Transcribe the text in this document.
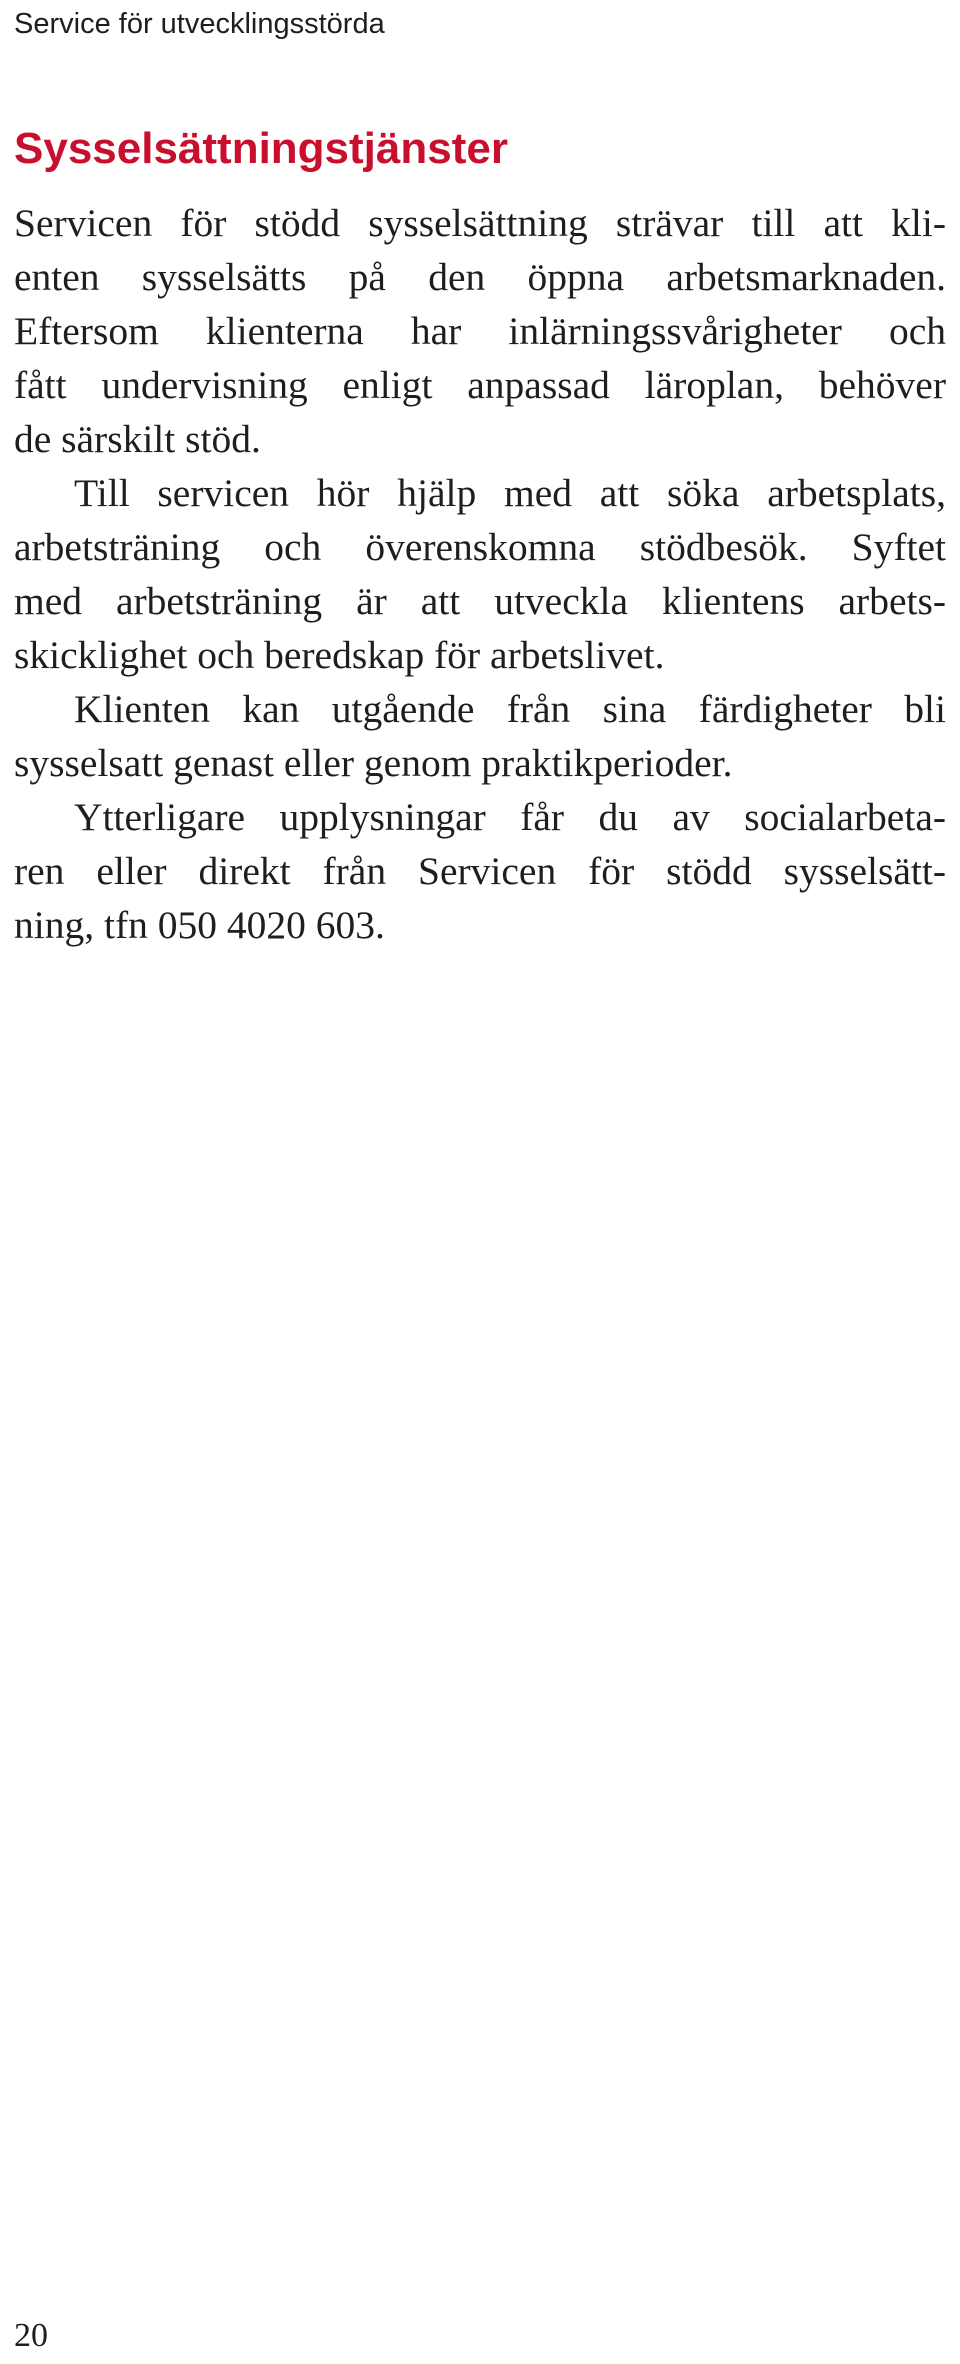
Service för utvecklingsstörda
Sysselsättningstjänster

Servicen för stödd sysselsättning strävar till att kli-
enten sysselsätts på den öppna arbetsmarknaden.
Eftersom klienterna har inlärningssvårigheter och
fått undervisning enligt anpassad läroplan, behöver
de särskilt stöd.

Till servicen hör hjälp med att söka arbetsplats,
arbetsträning och överenskomna stödbesök. Syftet
med arbetsträning är att utveckla klientens arbets-
skicklighet och beredskap för arbetslivet.

Klienten kan utgående från sina färdigheter bli
sysselsatt genast eller genom praktikperioder.

Ytterligare upplysningar får du av socialarbeta-
ren eller direkt från Servicen för stödd sysselsätt-
ning, tfn 050 4020 603.

20
